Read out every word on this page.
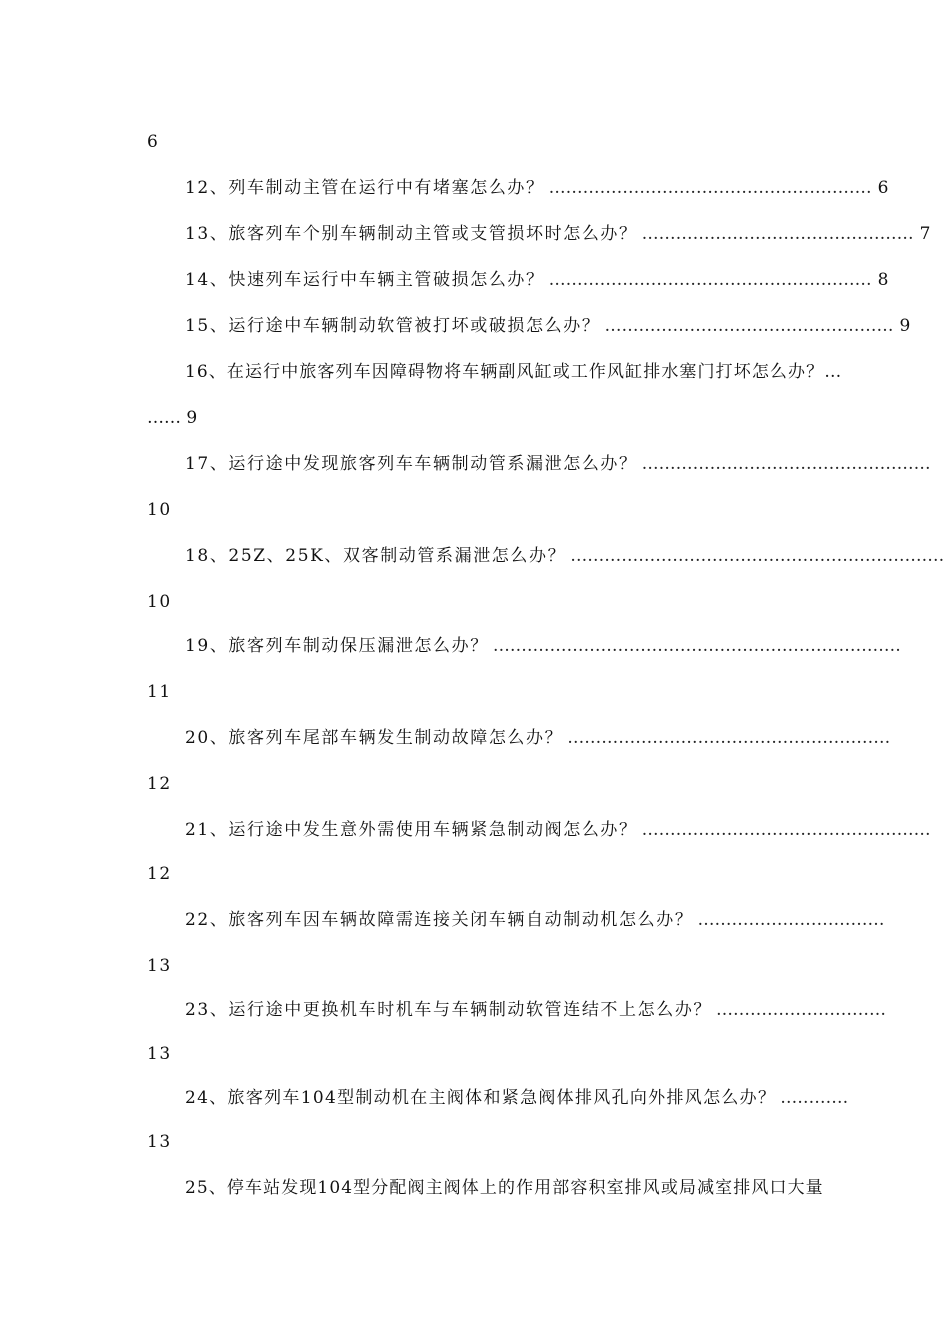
6
12、列车制动主管在运行中有堵塞怎么办？ ………………………………………………… 6
13、旅客列车个别车辆制动主管或支管损坏时怎么办？ ………………………………………… 7
14、快速列车运行中车辆主管破损怎么办？ ………………………………………………… 8
15、运行途中车辆制动软管被打坏或破损怎么办？ …………………………………………… 9
16、在运行中旅客列车因障碍物将车辆副风缸或工作风缸排水塞门打坏怎么办？…
…… 9
17、运行途中发现旅客列车车辆制动管系漏泄怎么办？ ……………………………………………
10
18、25Z、25K、双客制动管系漏泄怎么办？ …………………………………………………………
10
19、旅客列车制动保压漏泄怎么办？ ………………………………………………………………
11
20、旅客列车尾部车辆发生制动故障怎么办？ …………………………………………………
12
21、运行途中发生意外需使用车辆紧急制动阀怎么办？ ……………………………………………
12
22、旅客列车因车辆故障需连接关闭车辆自动制动机怎么办？ ……………………………
13
23、运行途中更换机车时机车与车辆制动软管连结不上怎么办？ …………………………
13
24、旅客列车104型制动机在主阀体和紧急阀体排风孔向外排风怎么办？ …………
13
25、停车站发现104型分配阀主阀体上的作用部容积室排风或局减室排风口大量
